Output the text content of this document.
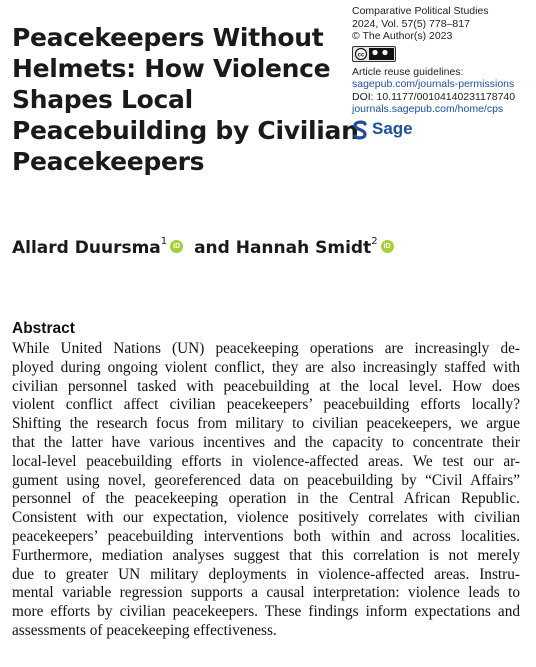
Peacekeepers Without
Helmets: How Violence
Shapes Local
Peacebuilding by Civilian
Peacekeepers
Comparative Political Studies
2024, Vol. 57(5) 778–817
© The Author(s) 2023
cc
Article reuse guidelines:
sagepub.com/journals-permissions
DOI: 10.1177/00104140231178740
journals.sagepub.com/home/cps
Sage
Allard Duursma$^1$ iD and Hannah Smidt$^2$ iD
Abstract
While United Nations (UN) peacekeeping operations are increasingly de-
ployed during ongoing violent conflict, they are also increasingly staffed with
civilian personnel tasked with peacebuilding at the local level. How does
violent conflict affect civilian peacekeepers’ peacebuilding efforts locally?
Shifting the research focus from military to civilian peacekeepers, we argue
that the latter have various incentives and the capacity to concentrate their
local-level peacebuilding efforts in violence-affected areas. We test our ar-
gument using novel, georeferenced data on peacebuilding by “Civil Affairs”
personnel of the peacekeeping operation in the Central African Republic.
Consistent with our expectation, violence positively correlates with civilian
peacekeepers’ peacebuilding interventions both within and across localities.
Furthermore, mediation analyses suggest that this correlation is not merely
due to greater UN military deployments in violence-affected areas. Instru-
mental variable regression supports a causal interpretation: violence leads to
more efforts by civilian peacekeepers. These findings inform expectations and
assessments of peacekeeping effectiveness.
